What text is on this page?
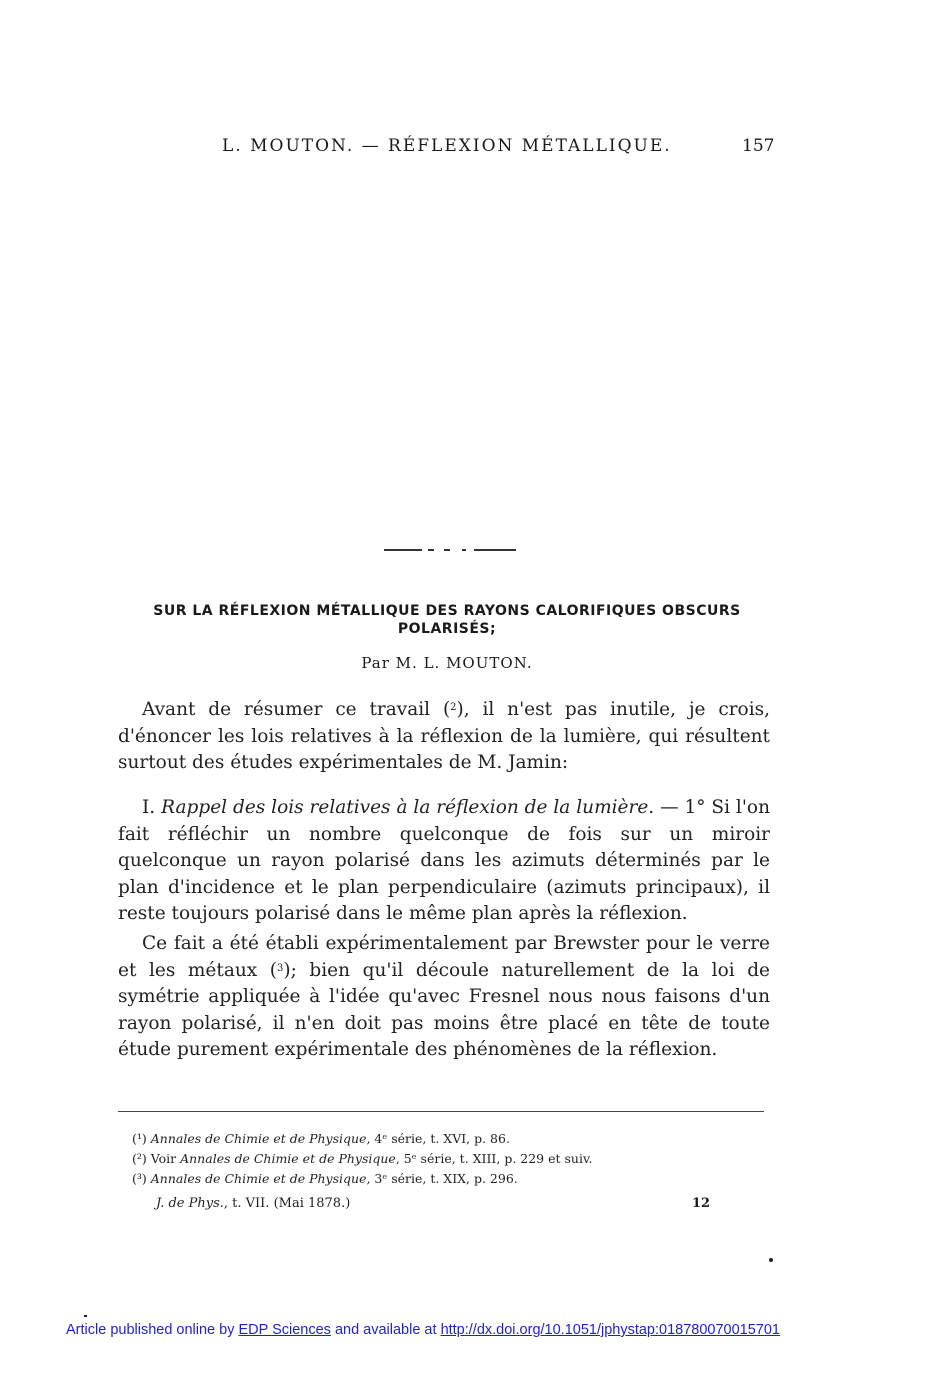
L. MOUTON. — RÉFLEXION MÉTALLIQUE.	157
SUR LA RÉFLEXION MÉTALLIQUE DES RAYONS CALORIFIQUES OBSCURS POLARISÉS;
Par M. L. MOUTON.

Avant de résumer ce travail ($^2$), il n'est pas inutile, je crois, d'énoncer les lois relatives à la réflexion de la lumière, qui résultent surtout des études expérimentales de M. Jamin:

I. Rappel des lois relatives à la réflexion de la lumière. — 1° Si l'on fait réfléchir un nombre quelconque de fois sur un miroir quelconque un rayon polarisé dans les azimuts déterminés par le plan d'incidence et le plan perpendiculaire (azimuts principaux), il reste toujours polarisé dans le même plan après la réflexion.

Ce fait a été établi expérimentalement par Brewster pour le verre et les métaux ($^3$); bien qu'il découle naturellement de la loi de symétrie appliquée à l'idée qu'avec Fresnel nous nous faisons d'un rayon polarisé, il n'en doit pas moins être placé en tête de toute étude purement expérimentale des phénomènes de la réflexion.

(¹) Annales de Chimie et de Physique, 4ᵉ série, t. XVI, p. 86.
(²) Voir Annales de Chimie et de Physique, 5ᵉ série, t. XIII, p. 229 et suiv.
(³) Annales de Chimie et de Physique, 3ᵉ série, t. XIX, p. 296.
J. de Phys., t. VII. (Mai 1878.)	12
Article published online by EDP Sciences and available at http://dx.doi.org/10.1051/jphystap:018780070015701
